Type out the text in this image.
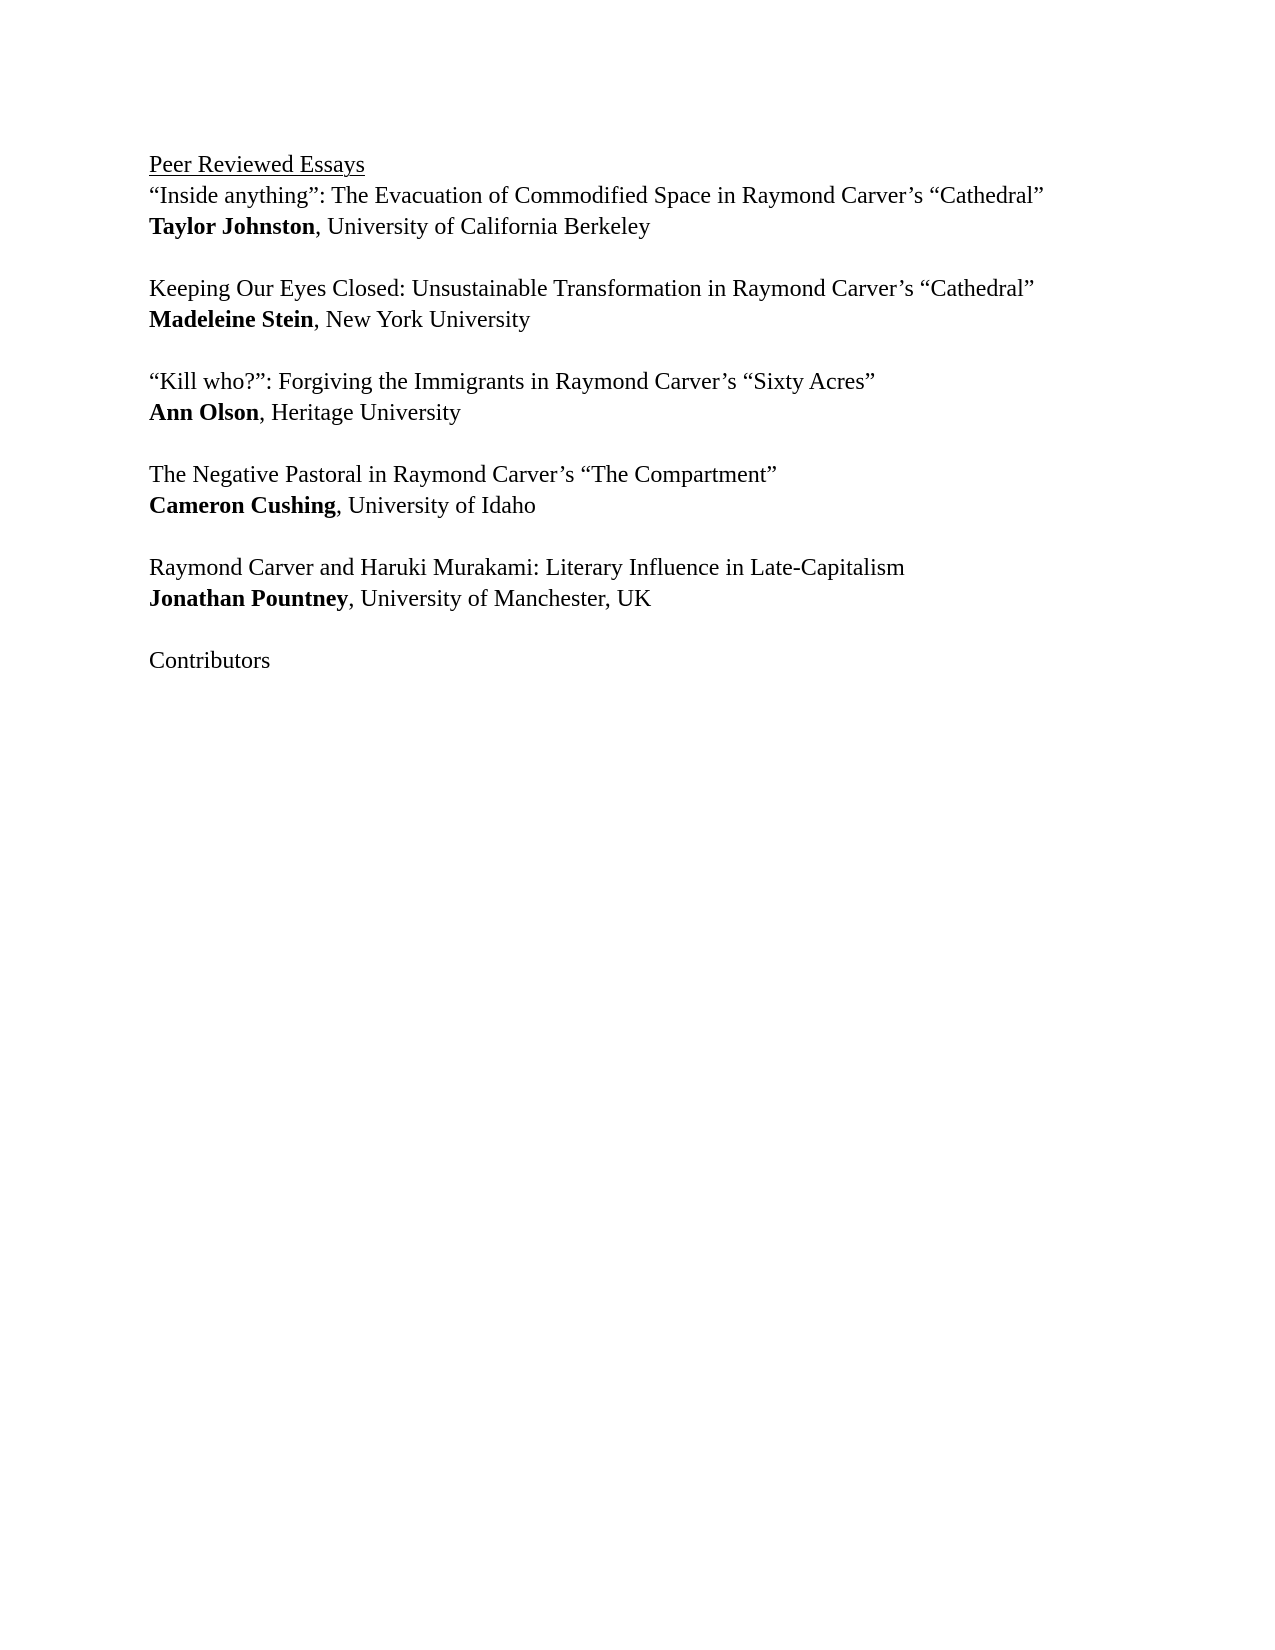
Peer Reviewed Essays

“Inside anything”: The Evacuation of Commodified Space in Raymond Carver’s “Cathedral”

Taylor Johnston, University of California Berkeley

Keeping Our Eyes Closed: Unsustainable Transformation in Raymond Carver’s “Cathedral”

Madeleine Stein, New York University

“Kill who?”: Forgiving the Immigrants in Raymond Carver’s “Sixty Acres”

Ann Olson, Heritage University

The Negative Pastoral in Raymond Carver’s “The Compartment”

Cameron Cushing, University of Idaho

Raymond Carver and Haruki Murakami: Literary Influence in Late-Capitalism

Jonathan Pountney, University of Manchester, UK

Contributors
